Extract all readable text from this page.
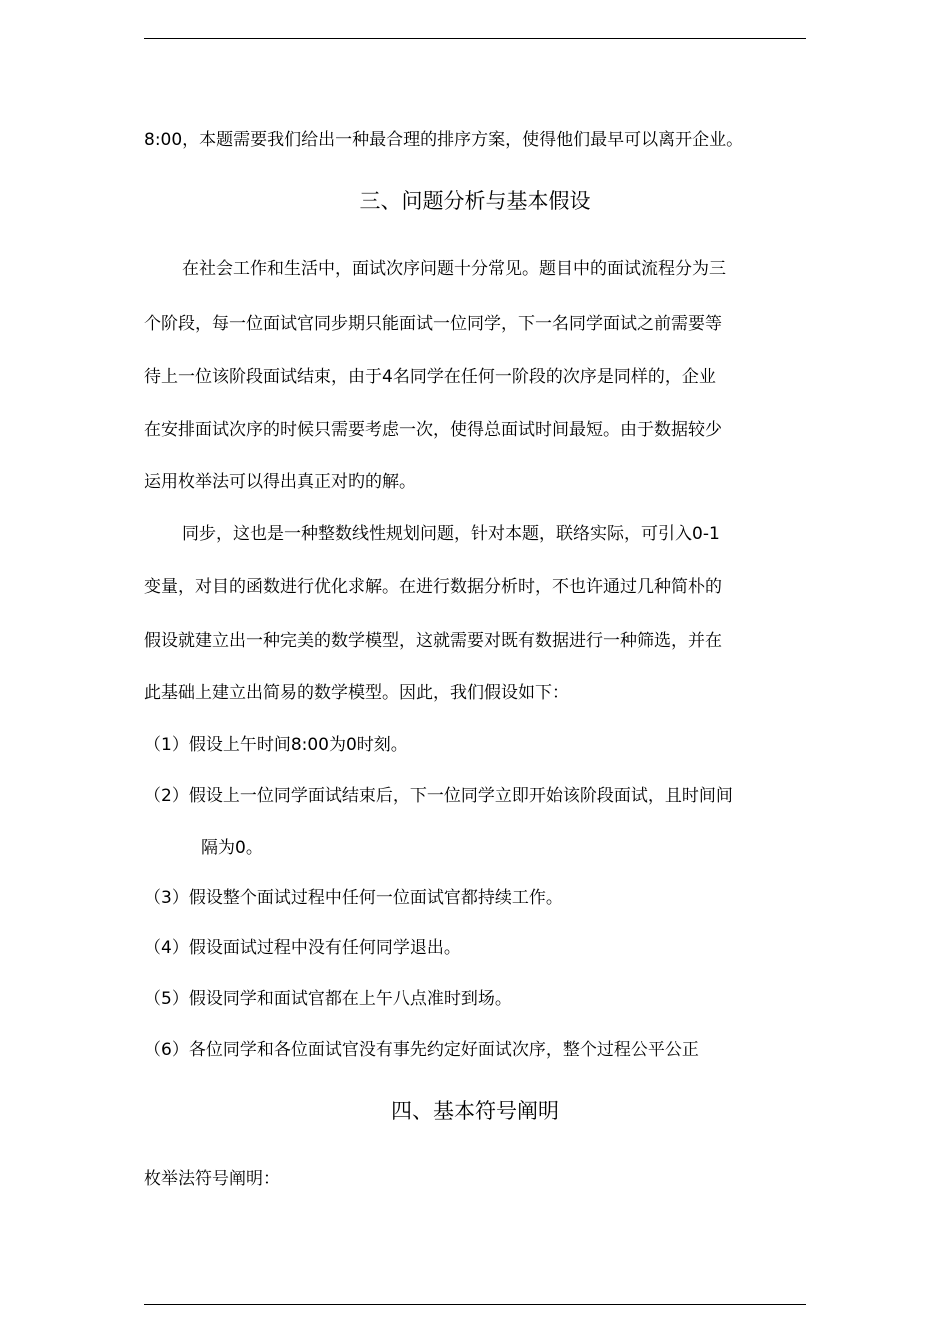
8:00，本题需要我们给出一种最合理的排序方案，使得他们最早可以离开企业。
三、问题分析与基本假设
在社会工作和生活中，面试次序问题十分常见。题目中的面试流程分为三
个阶段，每一位面试官同步期只能面试一位同学，下一名同学面试之前需要等
待上一位该阶段面试结束，由于4名同学在任何一阶段的次序是同样的，企业
在安排面试次序的时候只需要考虑一次，使得总面试时间最短。由于数据较少
运用枚举法可以得出真正对旳的解。
同步，这也是一种整数线性规划问题，针对本题，联络实际，可引入0-1
变量，对目的函数进行优化求解。在进行数据分析时，不也许通过几种简朴的
假设就建立出一种完美的数学模型，这就需要对既有数据进行一种筛选，并在
此基础上建立出简易的数学模型。因此，我们假设如下：
（1）假设上午时间8:00为0时刻。
（2）假设上一位同学面试结束后，下一位同学立即开始该阶段面试，且时间间
隔为0。
（3）假设整个面试过程中任何一位面试官都持续工作。
（4）假设面试过程中没有任何同学退出。
（5）假设同学和面试官都在上午八点准时到场。
（6）各位同学和各位面试官没有事先约定好面试次序，整个过程公平公正
四、基本符号阐明
枚举法符号阐明：
